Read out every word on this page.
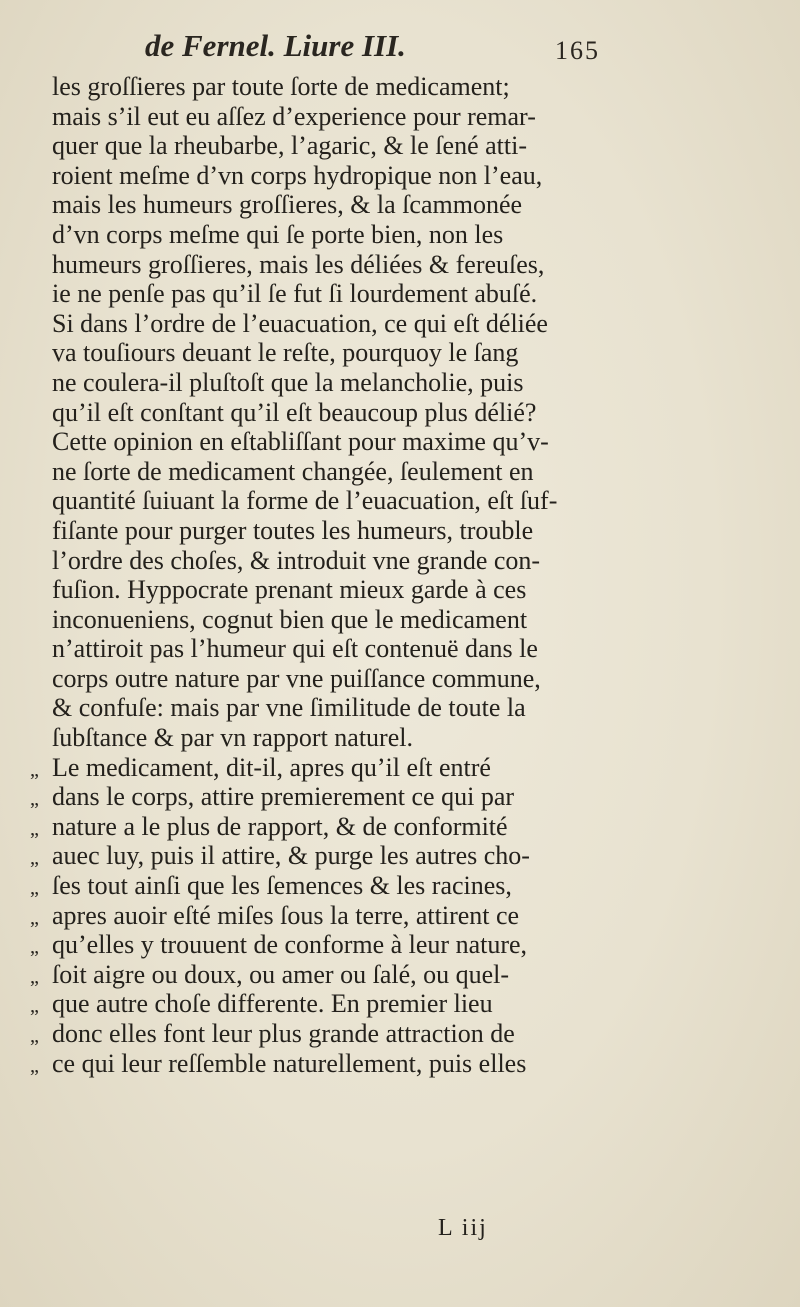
de Fernel. Liure III.	165
les groſſieres par toute ſorte de medicament;
mais s’il eut eu aſſez d’experience pour remar-
quer que la rheubarbe, l’agaric, & le ſené atti-
roient meſme d’vn corps hydropique non l’eau,
mais les humeurs groſſieres, & la ſcammonée
d’vn corps meſme qui ſe porte bien, non les
humeurs groſſieres, mais les déliées & fereuſes,
ie ne penſe pas qu’il ſe fut ſi lourdement abuſé.
Si dans l’ordre de l’euacuation, ce qui eſt déliée
va touſiours deuant le reſte, pourquoy le ſang
ne coulera-il pluſtoſt que la melancholie, puis
qu’il eſt conſtant qu’il eſt beaucoup plus délié?
Cette opinion en eſtabliſſant pour maxime qu’v-
ne ſorte de medicament changée, ſeulement en
quantité ſuiuant la forme de l’euacuation, eſt ſuf-
fiſante pour purger toutes les humeurs, trouble
l’ordre des choſes, & introduit vne grande con-
fuſion. Hyppocrate prenant mieux garde à ces
inconueniens, cognut bien que le medicament
n’attiroit pas l’humeur qui eſt contenuë dans le
corps outre nature par vne puiſſance commune,
& confuſe: mais par vne ſimilitude de toute la
ſubſtance & par vn rapport naturel.
„ Le medicament, dit-il, apres qu’il eſt entré
„ dans le corps, attire premierement ce qui par
„ nature a le plus de rapport, & de conformité
„ auec luy, puis il attire, & purge les autres cho-
„ ſes tout ainſi que les ſemences & les racines,
„ apres auoir eſté miſes ſous la terre, attirent ce
„ qu’elles y trouuent de conforme à leur nature,
„ ſoit aigre ou doux, ou amer ou ſalé, ou quel-
„ que autre choſe differente. En premier lieu
„ donc elles font leur plus grande attraction de
„ ce qui leur reſſemble naturellement, puis elles
L iij
